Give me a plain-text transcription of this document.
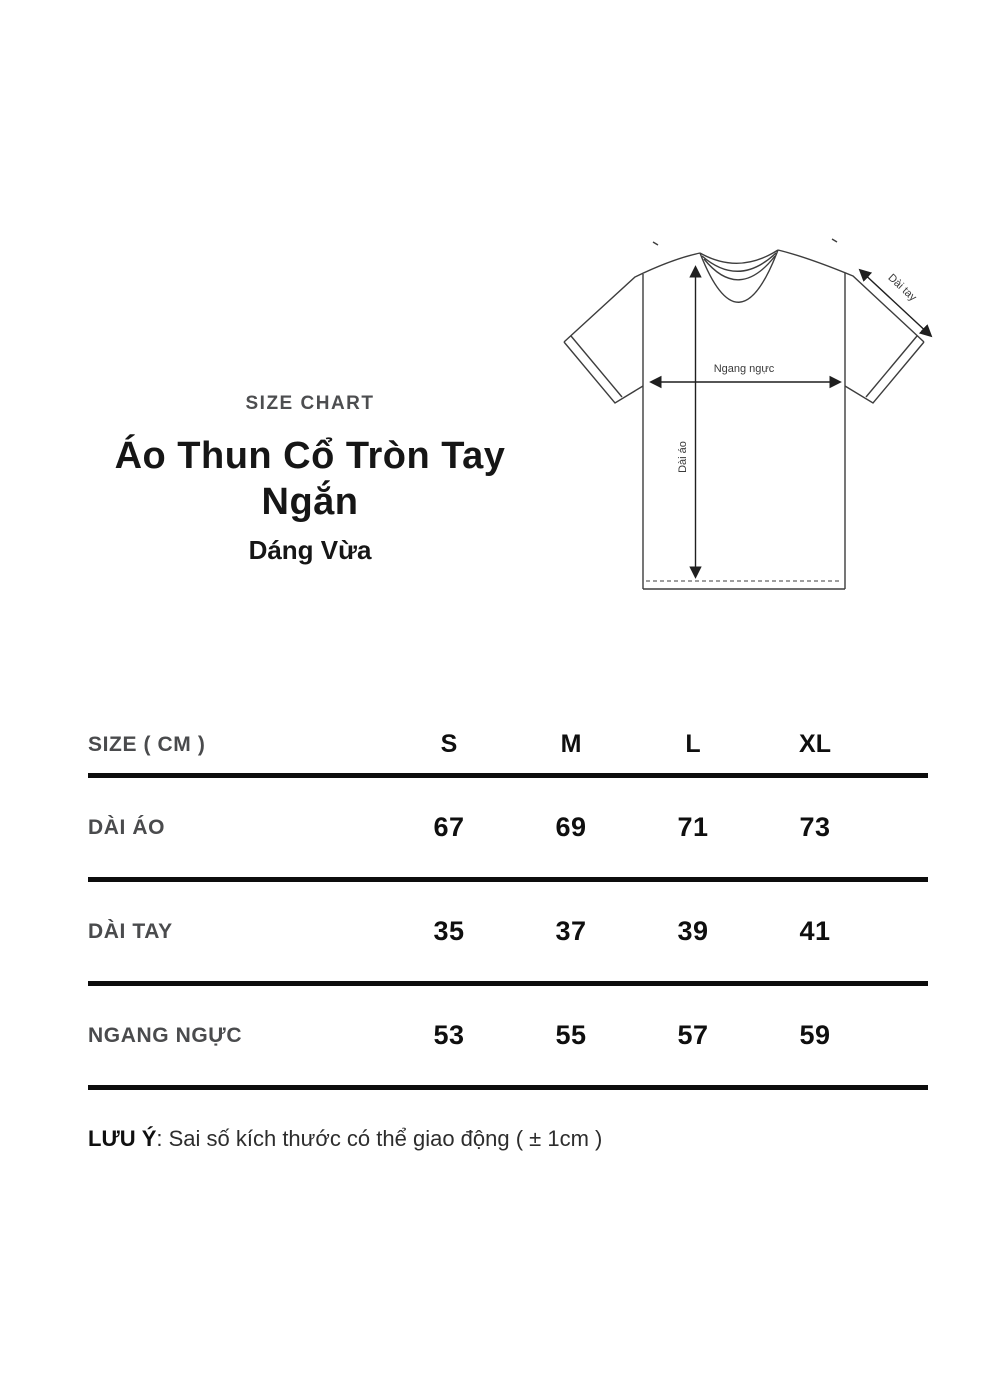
SIZE CHART
Áo Thun Cổ Tròn Tay Ngắn
Dáng Vừa
Dài áo
Ngang ngực
Dài tay
SIZE ( CM )	S	M	L	XL
DÀI ÁO	67	69	71	73
DÀI TAY	35	37	39	41
NGANG NGỰC	53	55	57	59
LƯU Ý: Sai số kích thước có thể giao động ( ± 1cm )
